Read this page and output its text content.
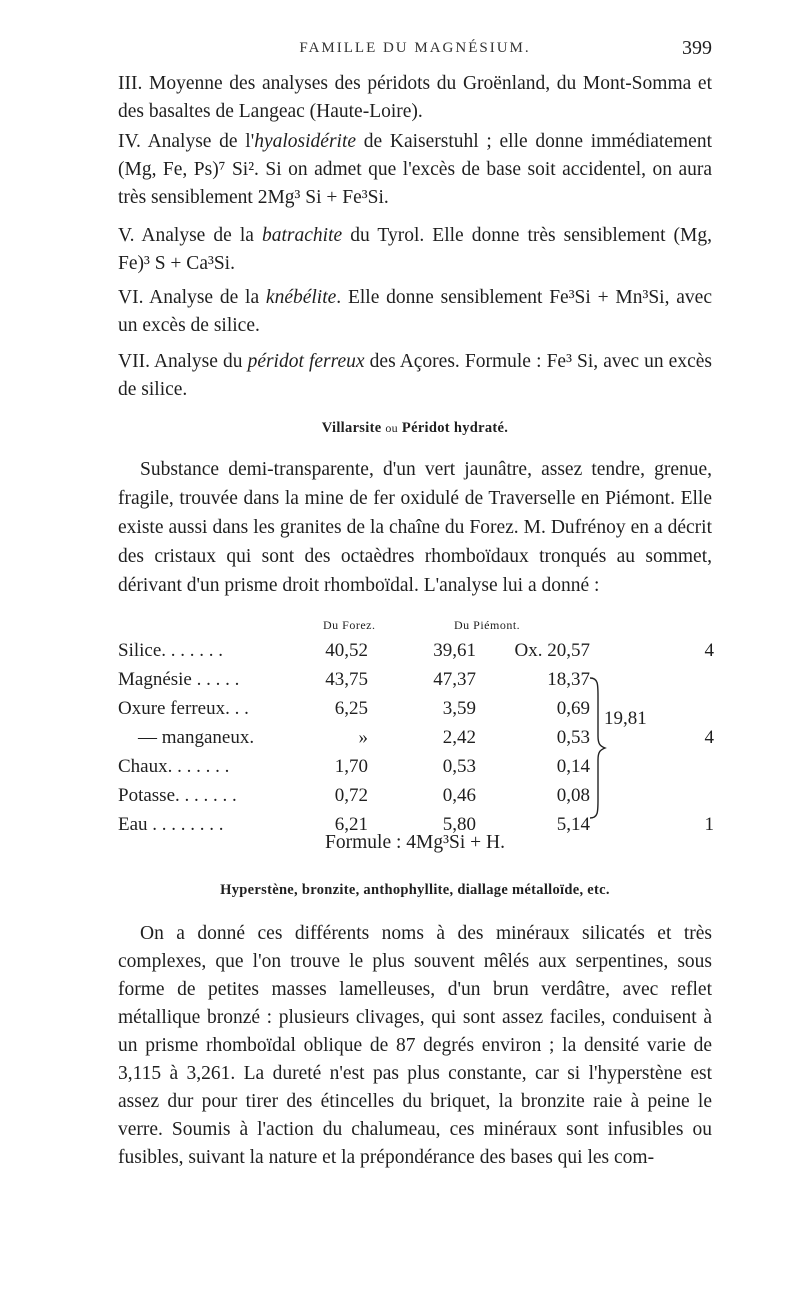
FAMILLE DU MAGNÉSIUM.	399

III. Moyenne des analyses des péridots du Groënland, du Mont-Somma et des basaltes de Langeac (Haute-Loire).

IV. Analyse de l'hyalosidérite de Kaiserstuhl ; elle donne immédiatement (Mg, Fe, Ps)⁷ Si². Si on admet que l'excès de base soit accidentel, on aura très sensiblement 2Mg³ Si + Fe³Si.

V. Analyse de la batrachite du Tyrol. Elle donne très sensiblement (Mg, Fe)³ S + Ca³Si.

VI. Analyse de la knébélite. Elle donne sensiblement Fe³Si + Mn³Si, avec un excès de silice.

VII. Analyse du péridot ferreux des Açores. Formule : Fe³ Si, avec un excès de silice.

Villarsite ou Péridot hydraté.

Substance demi-transparente, d'un vert jaunâtre, assez tendre, grenue, fragile, trouvée dans la mine de fer oxidulé de Traverselle en Piémont. Elle existe aussi dans les granites de la chaîne du Forez. M. Dufrénoy en a décrit des cristaux qui sont des octaèdres rhomboïdaux tronqués au sommet, dérivant d'un prisme droit rhomboïdal. L'analyse lui a donné :

Du Forez.	Du Piémont.
Silice. . . . . . .	40,52	39,61	Ox. 20,57	4
Magnésie . . . . .	43,75	47,37	18,37
Oxure ferreux. . .	6,25	3,59	0,69
— manganeux.	»	2,42	0,53	4
Chaux. . . . . . .	1,70	0,53	0,14
Potasse. . . . . . .	0,72	0,46	0,08
Eau . . . . . . . .	6,21	5,80	5,14	1
19,81

Formule : 4Mg³Si + H.

Hyperstène, bronzite, anthophyllite, diallage métalloïde, etc.

On a donné ces différents noms à des minéraux silicatés et très complexes, que l'on trouve le plus souvent mêlés aux serpentines, sous forme de petites masses lamelleuses, d'un brun verdâtre, avec reflet métallique bronzé : plusieurs clivages, qui sont assez faciles, conduisent à un prisme rhomboïdal oblique de 87 degrés environ ; la densité varie de 3,115 à 3,261. La dureté n'est pas plus constante, car si l'hyperstène est assez dur pour tirer des étincelles du briquet, la bronzite raie à peine le verre. Soumis à l'action du chalumeau, ces minéraux sont infusibles ou fusibles, suivant la nature et la prépondérance des bases qui les com-
